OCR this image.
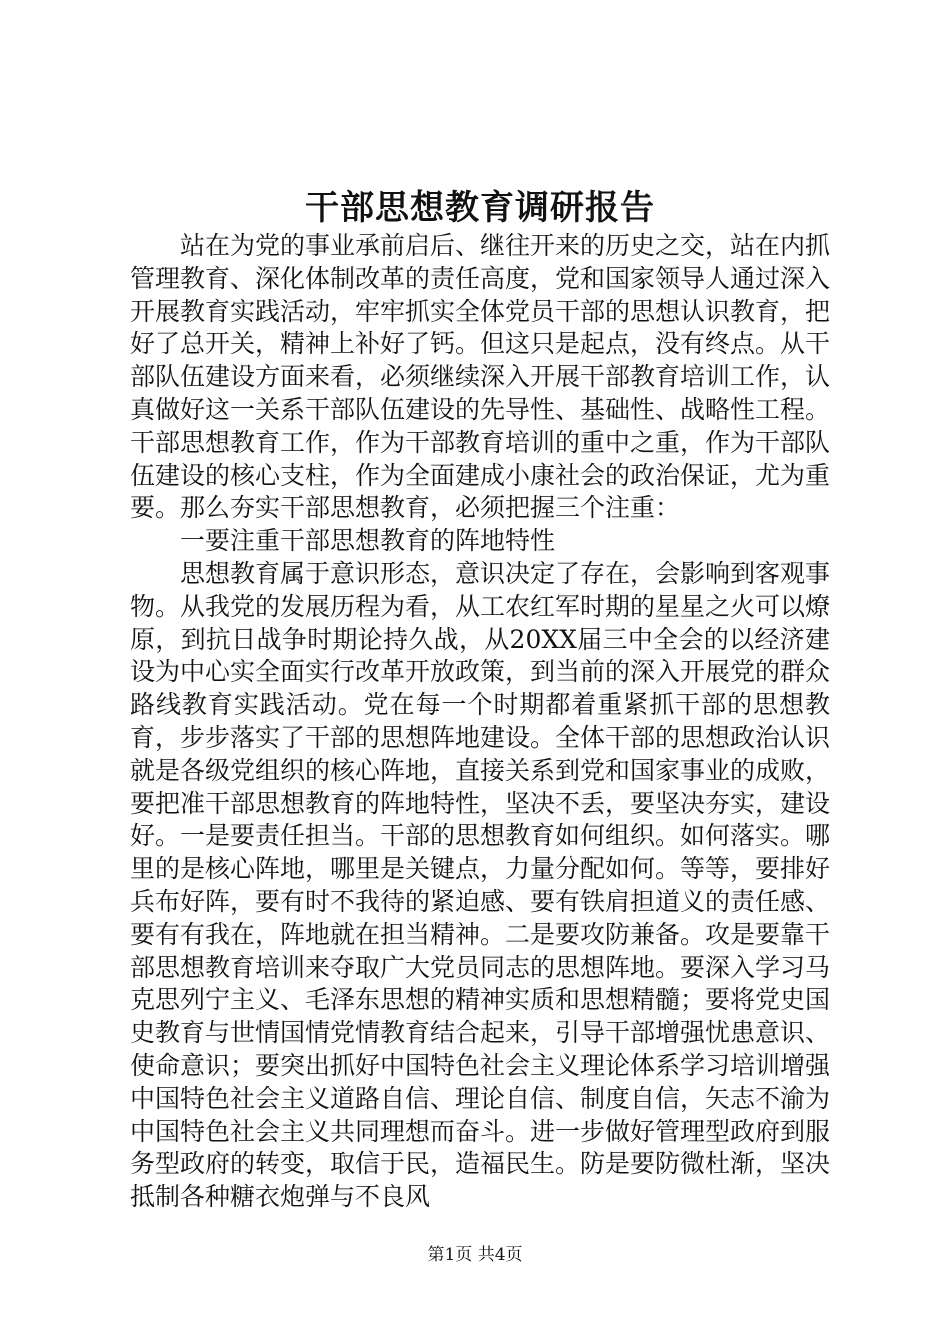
干部思想教育调研报告

站在为党的事业承前启后、继往开来的历史之交，站在内抓管理教育、深化体制改革的责任高度，党和国家领导人通过深入开展教育实践活动，牢牢抓实全体党员干部的思想认识教育，把好了总开关，精神上补好了钙。但这只是起点，没有终点。从干部队伍建设方面来看，必须继续深入开展干部教育培训工作，认真做好这一关系干部队伍建设的先导性、基础性、战略性工程。干部思想教育工作，作为干部教育培训的重中之重，作为干部队伍建设的核心支柱，作为全面建成小康社会的政治保证，尤为重要。那么夯实干部思想教育，必须把握三个注重：

一要注重干部思想教育的阵地特性

思想教育属于意识形态，意识决定了存在，会影响到客观事物。从我党的发展历程为看，从工农红军时期的星星之火可以燎原，到抗日战争时期论持久战，从20XX届三中全会的以经济建设为中心实全面实行改革开放政策，到当前的深入开展党的群众路线教育实践活动。党在每一个时期都着重紧抓干部的思想教育，步步落实了干部的思想阵地建设。全体干部的思想政治认识就是各级党组织的核心阵地，直接关系到党和国家事业的成败，要把准干部思想教育的阵地特性，坚决不丢，要坚决夯实，建设好。一是要责任担当。干部的思想教育如何组织。如何落实。哪里的是核心阵地，哪里是关键点，力量分配如何。等等，要排好兵布好阵，要有时不我待的紧迫感、要有铁肩担道义的责任感、要有有我在，阵地就在担当精神。二是要攻防兼备。攻是要靠干部思想教育培训来夺取广大党员同志的思想阵地。要深入学习马克思列宁主义、毛泽东思想的精神实质和思想精髓；要将党史国史教育与世情国情党情教育结合起来，引导干部增强忧患意识、使命意识；要突出抓好中国特色社会主义理论体系学习培训增强中国特色社会主义道路自信、理论自信、制度自信，矢志不渝为中国特色社会主义共同理想而奋斗。进一步做好管理型政府到服务型政府的转变，取信于民，造福民生。防是要防微杜渐，坚决抵制各种糖衣炮弹与不良风

第1页 共4页
